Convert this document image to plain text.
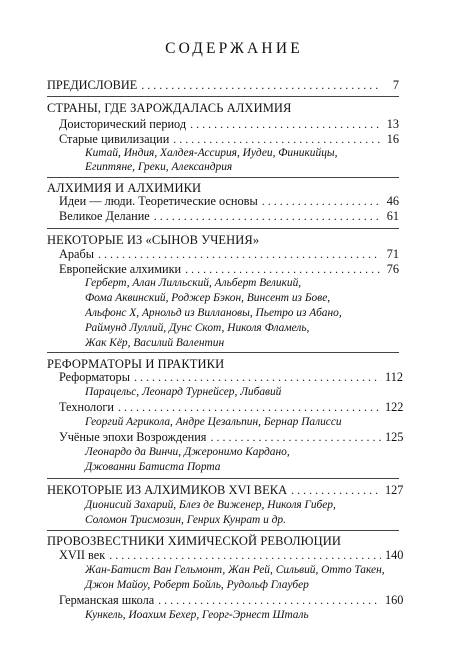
СОДЕРЖАНИЕ
ПРЕДИСЛОВИЕ . . .	7
СТРАНЫ, ГДЕ ЗАРОЖДАЛАСЬ АЛХИМИЯ
Доисторический период . . .	13
Старые цивилизации . . .	16
Китай, Индия, Халдея-Ассирия, Иудеи, Финикийцы,
Египтяне, Греки, Александрия
АЛХИМИЯ И АЛХИМИКИ
Идеи — люди. Теоретические основы . . .	46
Великое Делание . . .	61
НЕКОТОРЫЕ ИЗ «СЫНОВ УЧЕНИЯ»
Арабы . . .	71
Европейские алхимики . . .	76
Герберт, Алан Лилльский, Альберт Великий,
Фома Аквинский, Роджер Бэкон, Винсент из Бове,
Альфонс X, Арнольд из Виллановы, Пьетро из Абано,
Раймунд Луллий, Дунс Скот, Николя Фламель,
Жак Кёр, Василий Валентин
РЕФОРМАТОРЫ И ПРАКТИКИ
Реформаторы . . .	112
Парацельс, Леонард Турнейсер, Либавий
Технологи . . .	122
Георгий Агрикола, Андре Цезальпин, Бернар Палисси
Учёные эпохи Возрождения . . .	125
Леонардо да Винчи, Джеронимо Кардано,
Джованни Батиста Порта
НЕКОТОРЫЕ ИЗ АЛХИМИКОВ XVI ВЕКА . . .	127
Дионисий Захарий, Блез де Виженер, Николя Гибер,
Соломон Трисмозин, Генрих Кунрат и др.
ПРОВОЗВЕСТНИКИ ХИМИЧЕСКОЙ РЕВОЛЮЦИИ
XVII век . . .	140
Жан-Батист Ван Гельмонт, Жан Рей, Сильвий, Отто Такен,
Джон Майоу, Роберт Бойль, Рудольф Глаубер
Германская школа . . .	160
Кункель, Иоахим Бехер, Георг-Эрнест Шталь
